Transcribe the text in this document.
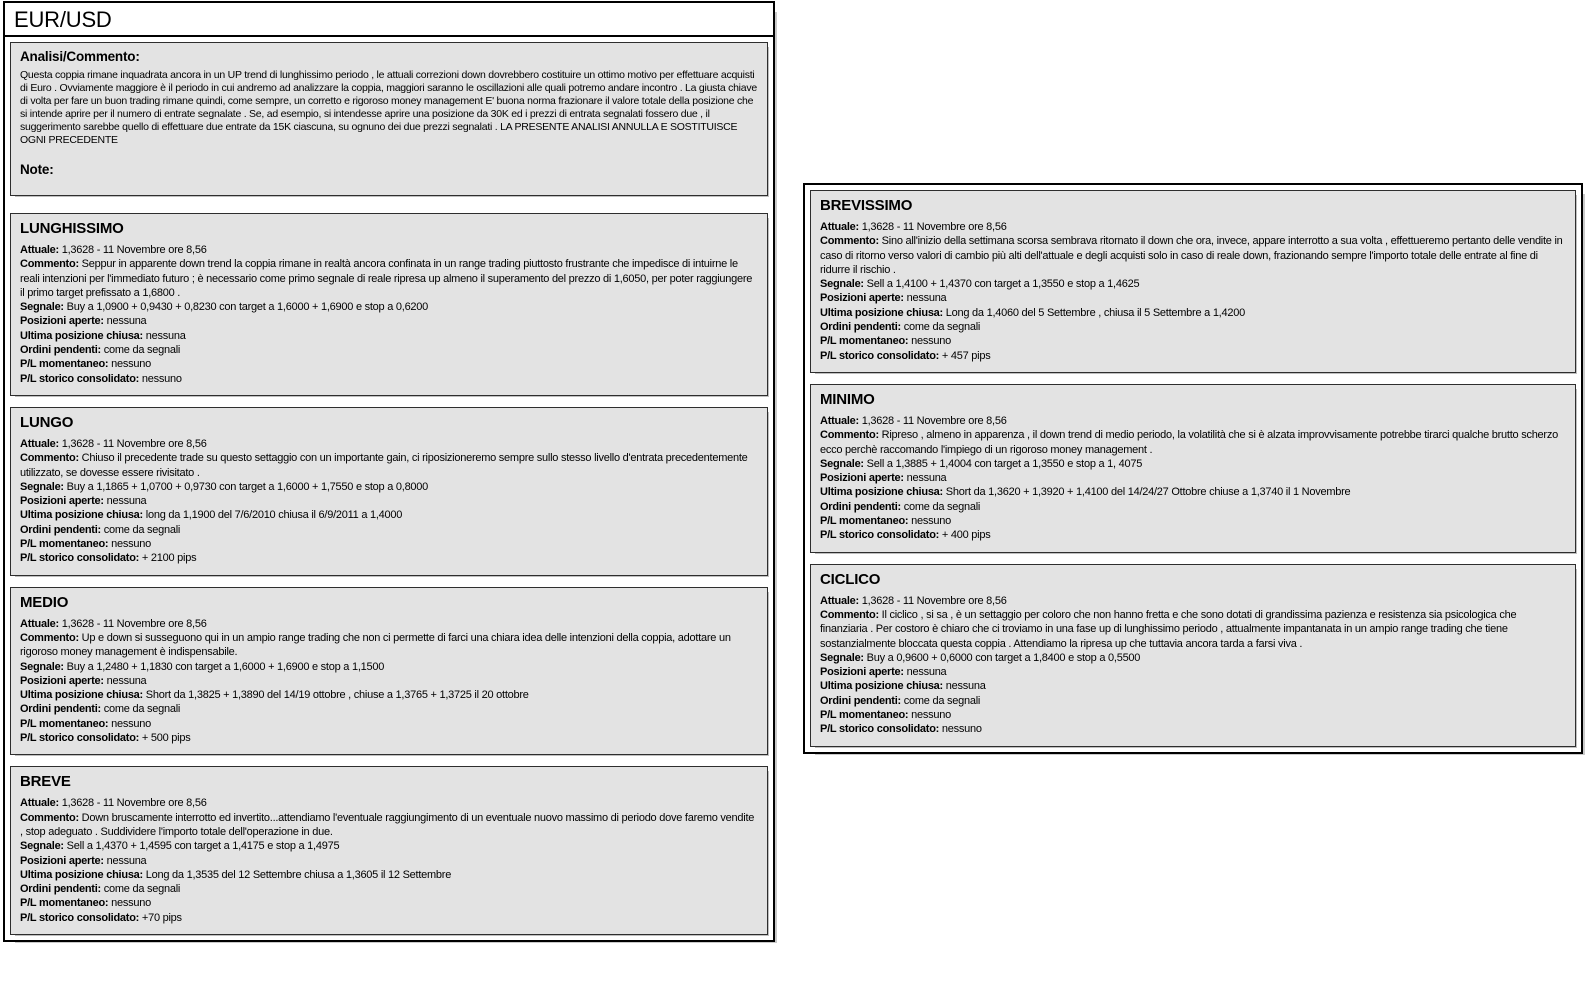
EUR/USD
Analisi/Commento:

Questa coppia rimane inquadrata ancora in un UP trend di lunghissimo periodo , le attuali correzioni down dovrebbero costituire un ottimo motivo per effettuare acquisti di Euro . Ovviamente maggiore è il periodo in cui andremo ad analizzare la coppia, maggiori saranno le oscillazioni alle quali potremo andare incontro . La giusta chiave di volta per fare un buon trading rimane quindi, come sempre, un corretto e rigoroso money management E' buona norma frazionare il valore totale della posizione che si intende aprire per il numero di entrate segnalate . Se, ad esempio, si intendesse aprire una posizione da 30K ed i prezzi di entrata segnalati fossero due , il suggerimento sarebbe quello di effettuare due entrate da 15K ciascuna, su ognuno dei due prezzi segnalati . LA PRESENTE ANALISI ANNULLA E SOSTITUISCE OGNI PRECEDENTE

Note:
LUNGHISSIMO
Attuale: 1,3628 - 11 Novembre ore 8,56
Commento: Seppur in apparente down trend la coppia rimane in realtà ancora confinata in un range trading piuttosto frustrante che impedisce di intuirne le reali intenzioni per l'immediato futuro ; è necessario come primo segnale di reale ripresa up almeno il superamento del prezzo di 1,6050, per poter raggiungere il primo target prefissato a 1,6800 .
Segnale: Buy a 1,0900 + 0,9430 + 0,8230 con target a 1,6000 + 1,6900 e stop a 0,6200
Posizioni aperte: nessuna
Ultima posizione chiusa: nessuna
Ordini pendenti: come da segnali
P/L momentaneo: nessuno
P/L storico consolidato: nessuno
LUNGO
Attuale: 1,3628 - 11 Novembre ore 8,56
Commento: Chiuso il precedente trade su questo settaggio con un importante gain, ci riposizioneremo sempre sullo stesso livello d'entrata precedentemente utilizzato, se dovesse essere rivisitato .
Segnale: Buy a 1,1865 + 1,0700 + 0,9730 con target a 1,6000 + 1,7550 e stop a 0,8000
Posizioni aperte: nessuna
Ultima posizione chiusa: long da 1,1900 del 7/6/2010 chiusa il 6/9/2011 a 1,4000
Ordini pendenti: come da segnali
P/L momentaneo: nessuno
P/L storico consolidato: + 2100 pips
MEDIO
Attuale: 1,3628 - 11 Novembre ore 8,56
Commento: Up e down si susseguono qui in un ampio range trading che non ci permette di farci una chiara idea delle intenzioni della coppia, adottare un rigoroso money management è indispensabile.
Segnale: Buy a 1,2480 + 1,1830 con target a 1,6000 + 1,6900 e stop a 1,1500
Posizioni aperte: nessuna
Ultima posizione chiusa: Short da 1,3825 + 1,3890 del 14/19 ottobre , chiuse a 1,3765 + 1,3725 il 20 ottobre
Ordini pendenti: come da segnali
P/L momentaneo: nessuno
P/L storico consolidato: + 500 pips
BREVE
Attuale: 1,3628 - 11 Novembre ore 8,56
Commento: Down bruscamente interrotto ed invertito...attendiamo l'eventuale raggiungimento di un eventuale nuovo massimo di periodo dove faremo vendite , stop adeguato . Suddividere l'importo totale dell'operazione in due.
Segnale: Sell a 1,4370 + 1,4595 con target a 1,4175 e stop a 1,4975
Posizioni aperte: nessuna
Ultima posizione chiusa: Long da 1,3535 del 12 Settembre chiusa a 1,3605 il 12 Settembre
Ordini pendenti: come da segnali
P/L momentaneo: nessuno
P/L storico consolidato: +70 pips
BREVISSIMO
Attuale: 1,3628 - 11 Novembre ore 8,56
Commento: Sino all'inizio della settimana scorsa sembrava ritornato il down che ora, invece, appare interrotto a sua volta , effettueremo pertanto delle vendite in caso di ritorno verso valori di cambio più alti dell'attuale e degli acquisti solo in caso di reale down, frazionando sempre l'importo totale delle entrate al fine di ridurre il rischio .
Segnale: Sell a 1,4100 + 1,4370 con target a 1,3550 e stop a 1,4625
Posizioni aperte: nessuna
Ultima posizione chiusa: Long da 1,4060 del 5 Settembre , chiusa il 5 Settembre a 1,4200
Ordini pendenti: come da segnali
P/L momentaneo: nessuno
P/L storico consolidato: + 457 pips
MINIMO
Attuale: 1,3628 - 11 Novembre ore 8,56
Commento: Ripreso , almeno in apparenza , il down trend di medio periodo, la volatilità che si è alzata improvvisamente potrebbe tirarci qualche brutto scherzo ecco perchè raccomando l'impiego di un rigoroso money management .
Segnale: Sell a 1,3885 + 1,4004 con target a 1,3550 e stop a 1, 4075
Posizioni aperte: nessuna
Ultima posizione chiusa: Short da 1,3620 + 1,3920 + 1,4100 del 14/24/27 Ottobre chiuse a 1,3740 il 1 Novembre
Ordini pendenti: come da segnali
P/L momentaneo: nessuno
P/L storico consolidato: + 400 pips
CICLICO
Attuale: 1,3628 - 11 Novembre ore 8,56
Commento: Il ciclico , si sa , è un settaggio per coloro che non hanno fretta e che sono dotati di grandissima pazienza e resistenza sia psicologica che finanziaria . Per costoro è chiaro che ci troviamo in una fase up di lunghissimo periodo , attualmente impantanata in un ampio range trading che tiene sostanzialmente bloccata questa coppia . Attendiamo la ripresa up che tuttavia ancora tarda a farsi viva .
Segnale: Buy a 0,9600 + 0,6000 con target a 1,8400 e stop a 0,5500
Posizioni aperte: nessuna
Ultima posizione chiusa: nessuna
Ordini pendenti: come da segnali
P/L momentaneo: nessuno
P/L storico consolidato: nessuno
